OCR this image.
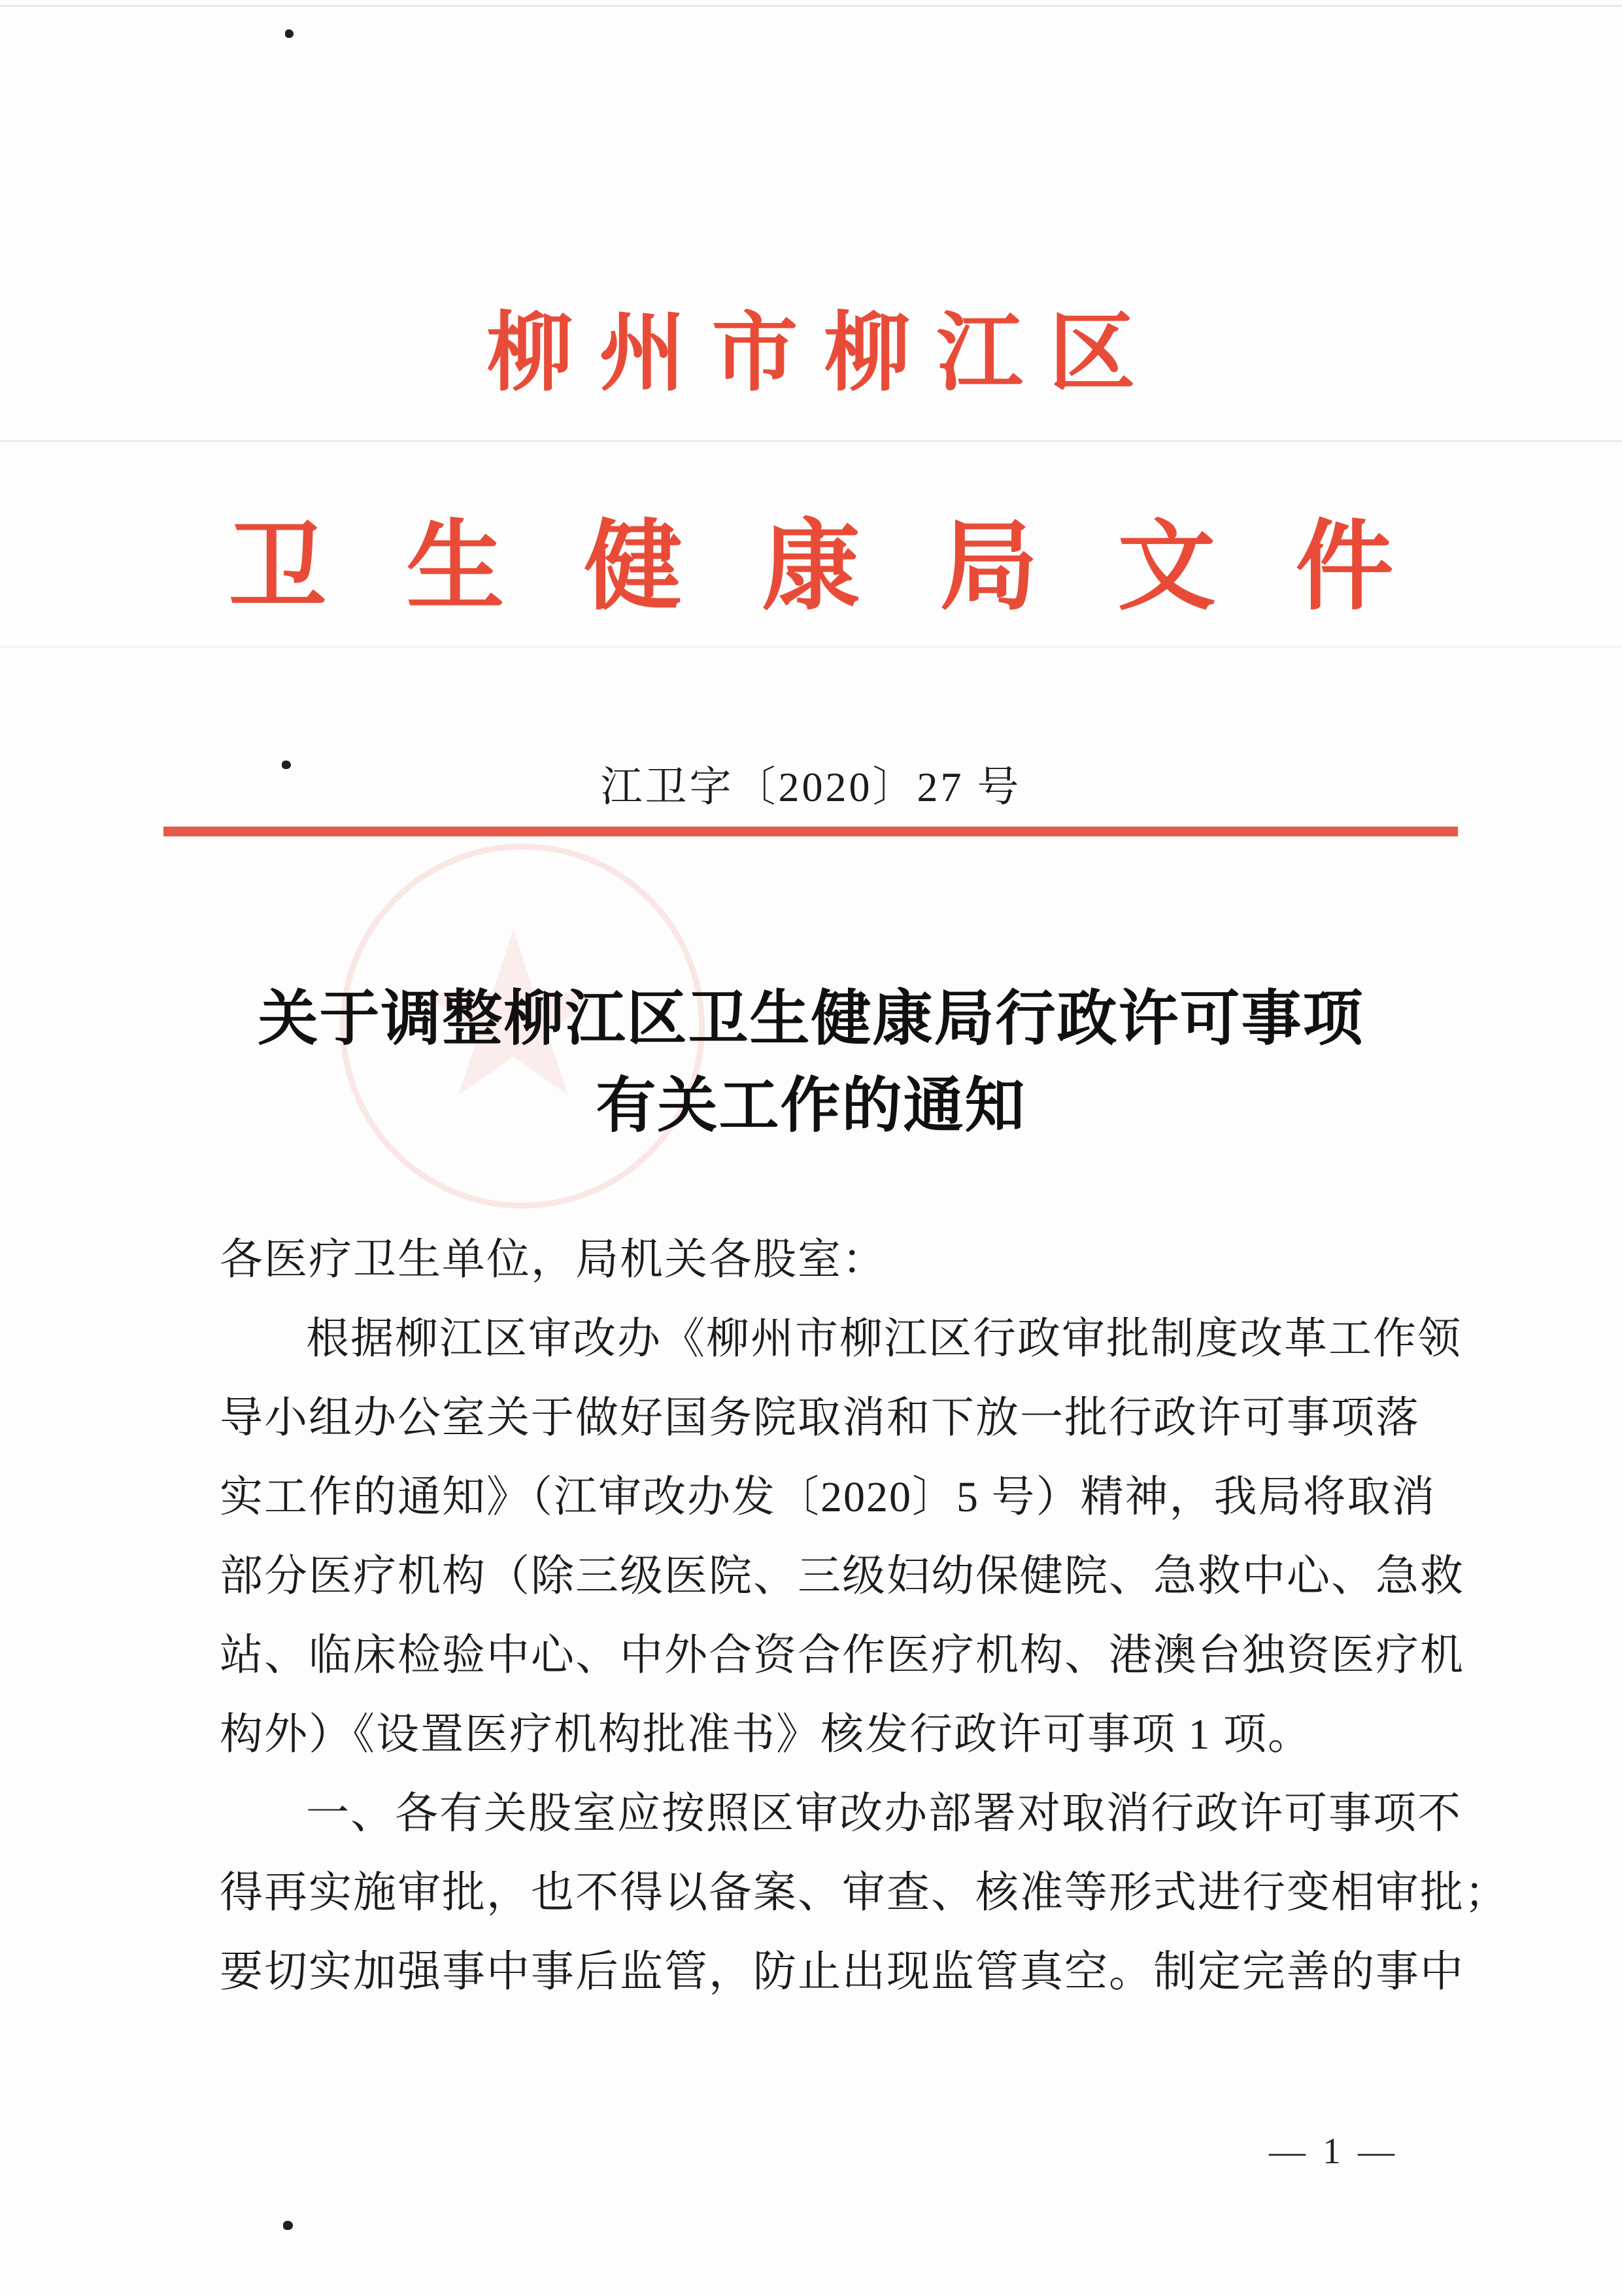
柳州市柳江区
卫生健康局文件
江卫字〔2020〕27 号
关于调整柳江区卫生健康局行政许可事项
有关工作的通知
各医疗卫生单位，局机关各股室：
根据柳江区审改办《柳州市柳江区行政审批制度改革工作领
导小组办公室关于做好国务院取消和下放一批行政许可事项落
实工作的通知》（江审改办发〔2020〕5 号）精神，我局将取消
部分医疗机构（除三级医院、三级妇幼保健院、急救中心、急救
站、临床检验中心、中外合资合作医疗机构、港澳台独资医疗机
构外）《设置医疗机构批准书》核发行政许可事项 1 项。
一、各有关股室应按照区审改办部署对取消行政许可事项不
得再实施审批，也不得以备案、审查、核准等形式进行变相审批；
要切实加强事中事后监管，防止出现监管真空。制定完善的事中
— 1 —
